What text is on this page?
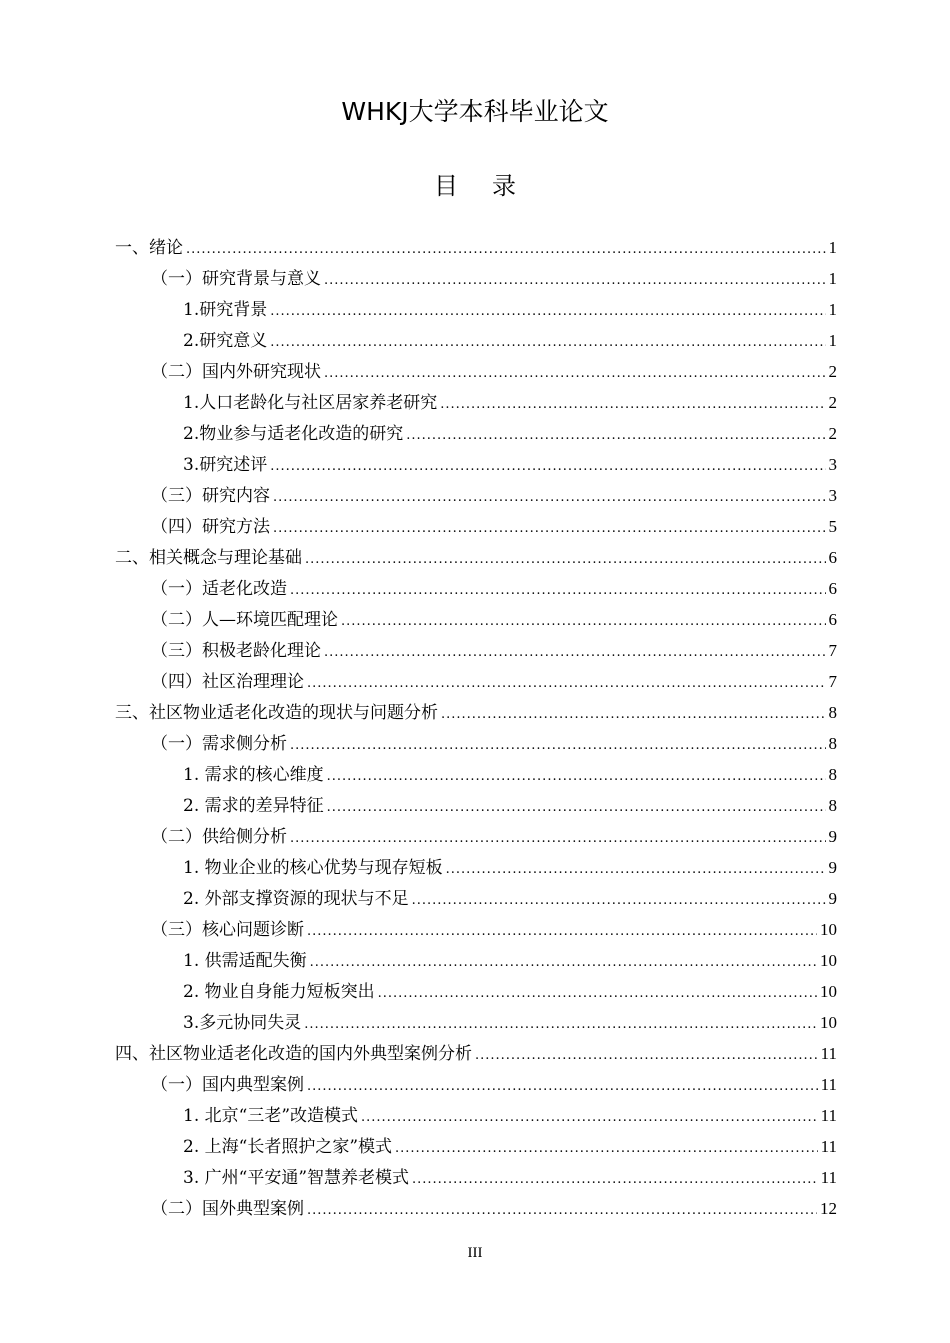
WHKJ大学本科毕业论文
目 录
一、绪论 .....	1
（一）研究背景与意义 .....	1
1.研究背景 .....	1
2.研究意义 .....	1
（二）国内外研究现状 .....	2
1.人口老龄化与社区居家养老研究 .....	2
2.物业参与适老化改造的研究 .....	2
3.研究述评 .....	3
（三）研究内容 .....	3
（四）研究方法 .....	5
二、相关概念与理论基础 .....	6
（一）适老化改造 .....	6
（二）人—环境匹配理论 .....	6
（三）积极老龄化理论 .....	7
（四）社区治理理论 .....	7
三、社区物业适老化改造的现状与问题分析 .....	8
（一）需求侧分析 .....	8
1. 需求的核心维度 .....	8
2. 需求的差异特征 .....	8
（二）供给侧分析 .....	9
1. 物业企业的核心优势与现存短板 .....	9
2. 外部支撑资源的现状与不足 .....	9
（三）核心问题诊断 .....	10
1. 供需适配失衡 .....	10
2. 物业自身能力短板突出 .....	10
3.多元协同失灵 .....	10
四、社区物业适老化改造的国内外典型案例分析 .....	11
（一）国内典型案例 .....	11
1. 北京“三老”改造模式 .....	11
2. 上海“长者照护之家”模式 .....	11
3. 广州“平安通”智慧养老模式 .....	11
（二）国外典型案例 .....	12
III
